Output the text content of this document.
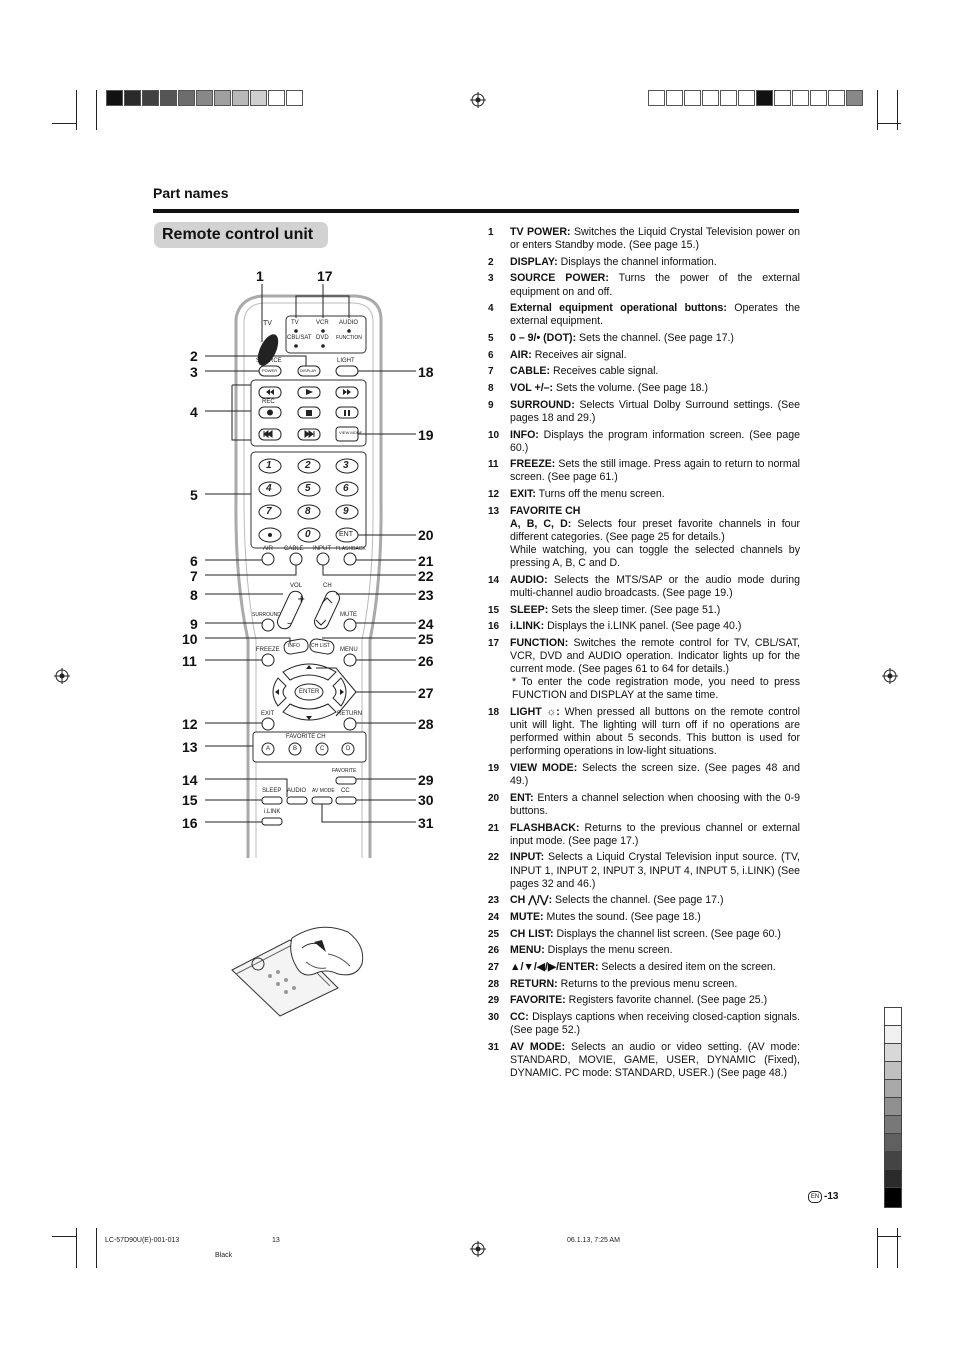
Part names
Remote control unit
1
2
3
4
5
6
7
8
9
10
11
12
13
14
15
16
17
18
19
20
21
22
23
24
25
26
27
28
29
30
31
+
–
TV	TV	VCR AUDIO
CBL/SAT DVD FUNCTION
SOURCE
POWER	DISPLAY
LIGHT
REC
VIEW MODE
1	2	3
4	5	6
7	8	9
0	ENT
AIR CABLE INPUT FLASHBACK
VOL	CH
SURROUND	MUTE
INFO CH LIST
FREEZE	MENU
ENTER
EXIT	RETURN
FAVORITE CH
A	B	C	D
FAVORITE
SLEEP AUDIO AV MODE CC
i.LINK
1	TV POWER: Switches the Liquid Crystal Television power on or enters Standby mode. (See page 15.)
2	DISPLAY: Displays the channel information.
3	SOURCE POWER: Turns the power of the external equipment on and off.
4	External equipment operational buttons: Operates the external equipment.
5	0 – 9/• (DOT): Sets the channel. (See page 17.)
6	AIR: Receives air signal.
7	CABLE: Receives cable signal.
8	VOL +/–: Sets the volume. (See page 18.)
9	SURROUND: Selects Virtual Dolby Surround settings. (See pages 18 and 29.)
10	INFO: Displays the program information screen. (See page 60.)
11	FREEZE: Sets the still image. Press again to return to normal screen. (See page 61.)
12	EXIT: Turns off the menu screen.
13	FAVORITE CH
A, B, C, D: Selects four preset favorite channels in four different categories. (See page 25 for details.)
While watching, you can toggle the selected channels by pressing A, B, C and D.
14	AUDIO: Selects the MTS/SAP or the audio mode during multi-channel audio broadcasts. (See page 19.)
15	SLEEP: Sets the sleep timer. (See page 51.)
16	i.LINK: Displays the i.LINK panel. (See page 40.)
17	FUNCTION: Switches the remote control for TV, CBL/SAT, VCR, DVD and AUDIO operation. Indicator lights up for the current mode. (See pages 61 to 64 for details.)
* To enter the code registration mode, you need to press FUNCTION and DISPLAY at the same time.
18	LIGHT ☼: When pressed all buttons on the remote control unit will light. The lighting will turn off if no operations are performed within about 5 seconds. This button is used for performing operations in low-light situations.
19	VIEW MODE: Selects the screen size. (See pages 48 and 49.)
20	ENT: Enters a channel selection when choosing with the 0-9 buttons.
21	FLASHBACK: Returns to the previous channel or external input mode. (See page 17.)
22	INPUT: Selects a Liquid Crystal Television input source. (TV, INPUT 1, INPUT 2, INPUT 3, INPUT 4, INPUT 5, i.LINK) (See pages 32 and 46.)
23	CH ⋀/⋁: Selects the channel. (See page 17.)
24	MUTE: Mutes the sound. (See page 18.)
25	CH LIST: Displays the channel list screen. (See page 60.)
26	MENU: Displays the menu screen.
27	▲/▼/◀/▶/ENTER: Selects a desired item on the screen.
28	RETURN: Returns to the previous menu screen.
29	FAVORITE: Registers favorite channel. (See page 25.)
30	CC: Displays captions when receiving closed-caption signals. (See page 52.)
31	AV MODE: Selects an audio or video setting. (AV mode: STANDARD, MOVIE, GAME, USER, DYNAMIC (Fixed), DYNAMIC. PC mode: STANDARD, USER.) (See page 48.)
EN -13
LC-57D90U(E)-001-013	13	06.1.13, 7:25 AM
Black
